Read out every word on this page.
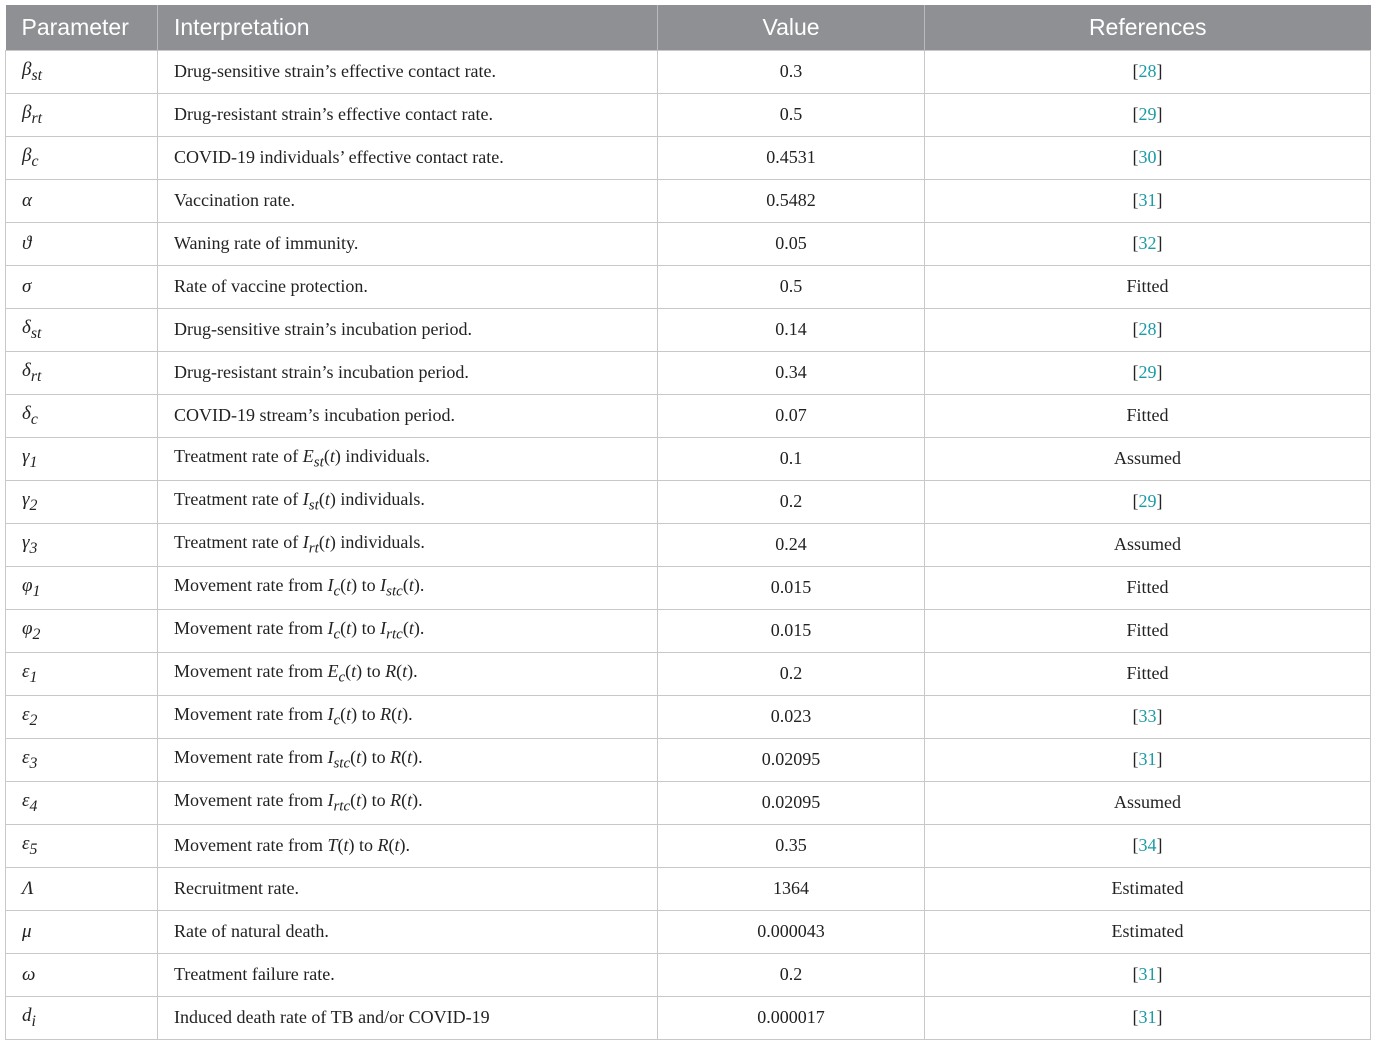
Parameter	Interpretation	Value	References
$\beta_{st}$	Drug-sensitive strain’s effective contact rate.	0.3	[28]
$\beta_{rt}$	Drug-resistant strain’s effective contact rate.	0.5	[29]
$\beta_c$	COVID-19 individuals’ effective contact rate.	0.4531	[30]
α	Vaccination rate.	0.5482	[31]
ϑ	Waning rate of immunity.	0.05	[32]
σ	Rate of vaccine protection.	0.5	Fitted
$\delta_{st}$	Drug-sensitive strain’s incubation period.	0.14	[28]
$\delta_{rt}$	Drug-resistant strain’s incubation period.	0.34	[29]
$\delta_c$	COVID-19 stream’s incubation period.	0.07	Fitted
$\gamma_1$	Treatment rate of $E_{st}(t)$ individuals.	0.1	Assumed
$\gamma_2$	Treatment rate of $I_{st}(t)$ individuals.	0.2	[29]
$\gamma_3$	Treatment rate of $I_{rt}(t)$ individuals.	0.24	Assumed
$\varphi_1$	Movement rate from $I_c(t)$ to $I_{stc}(t)$.	0.015	Fitted
$\varphi_2$	Movement rate from $I_c(t)$ to $I_{rtc}(t)$.	0.015	Fitted
$\varepsilon_1$	Movement rate from $E_c(t)$ to R(t).	0.2	Fitted
$\varepsilon_2$	Movement rate from $I_c(t)$ to R(t).	0.023	[33]
$\varepsilon_3$	Movement rate from $I_{stc}(t)$ to R(t).	0.02095	[31]
$\varepsilon_4$	Movement rate from $I_{rtc}(t)$ to R(t).	0.02095	Assumed
$\varepsilon_5$	Movement rate from T(t) to R(t).	0.35	[34]
Λ	Recruitment rate.	1364	Estimated
μ	Rate of natural death.	0.000043	Estimated
ω	Treatment failure rate.	0.2	[31]
$d_i$	Induced death rate of TB and/or COVID-19	0.000017	[31]
